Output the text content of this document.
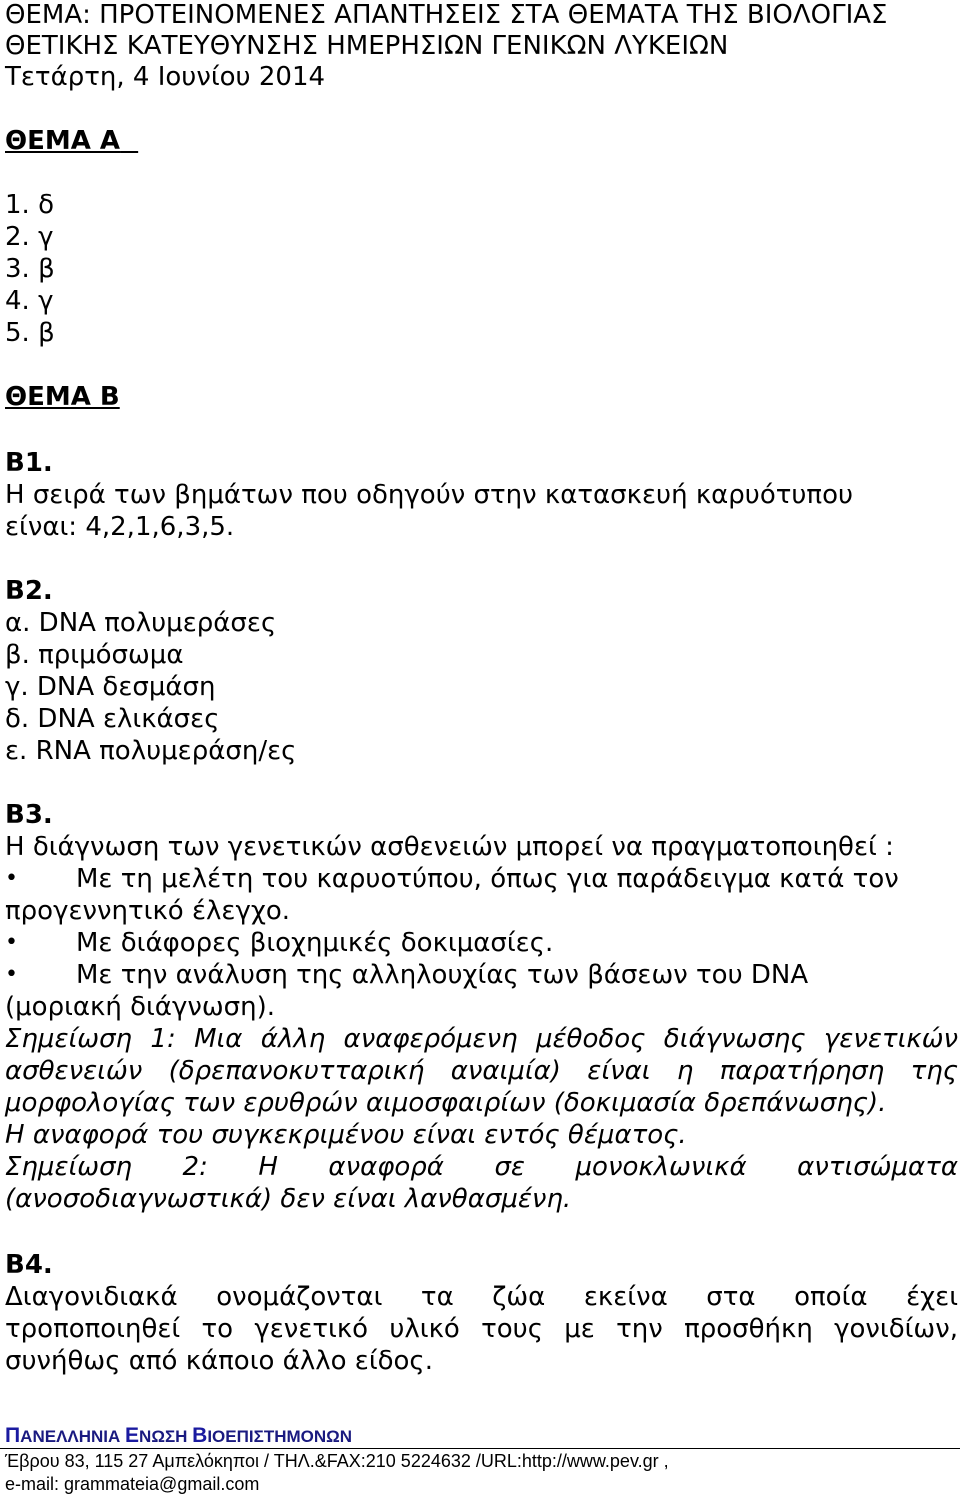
ΘΕΜΑ: ΠΡΟΤΕΙΝΟΜΕΝΕΣ ΑΠΑΝΤΗΣΕΙΣ ΣΤΑ ΘΕΜΑΤΑ ΤΗΣ ΒΙΟΛΟΓΙΑΣ
ΘΕΤΙΚΗΣ ΚΑΤΕΥΘΥΝΣΗΣ ΗΜΕΡΗΣΙΩΝ ΓΕΝΙΚΩΝ ΛΥΚΕΙΩΝ
Τετάρτη, 4 Ιουνίου 2014
ΘΕΜΑ Α
1. δ
2. γ
3. β
4. γ
5. β
ΘΕΜΑ Β
Β1.
Η σειρά των βημάτων που οδηγούν στην κατασκευή καρυότυπου
είναι: 4,2,1,6,3,5.
Β2.
α. DNA πολυμεράσες
β. πριμόσωμα
γ. DNA δεσμάση
δ. DNA ελικάσες
ε. RNA πολυμεράση/ες
Β3.
Η διάγνωση των γενετικών ασθενειών μπορεί να πραγματοποιηθεί :
• Με τη μελέτη του καρυοτύπου, όπως για παράδειγμα κατά τον
προγεννητικό έλεγχο.
• Με διάφορες βιοχημικές δοκιμασίες.
• Με την ανάλυση της αλληλουχίας των βάσεων του DNA
(μοριακή διάγνωση).
Σημείωση 1: Μια άλλη αναφερόμενη μέθοδος διάγνωσης γενετικών
ασθενειών (δρεπανοκυτταρική αναιμία) είναι η παρατήρηση της
μορφολογίας των ερυθρών αιμοσφαιρίων (δοκιμασία δρεπάνωσης).
Η αναφορά του συγκεκριμένου είναι εντός θέματος.
Σημείωση 2: Η αναφορά σε μονοκλωνικά αντισώματα
(ανοσοδιαγνωστικά) δεν είναι λανθασμένη.
Β4.
Διαγονιδιακά ονομάζονται τα ζώα εκείνα στα οποία έχει
τροποποιηθεί το γενετικό υλικό τους με την προσθήκη γονιδίων,
συνήθως από κάποιο άλλο είδος.
ΠΑΝΕΛΛΗΝΙΑ ΕΝΩΣΗ ΒΙΟΕΠΙΣΤΗΜΟΝΩΝ
Έβρου 83, 115 27 Αμπελόκηποι / ΤΗΛ.&FAX:210 5224632 /URL:http://www.pev.gr ,
e-mail: grammateia@gmail.com
